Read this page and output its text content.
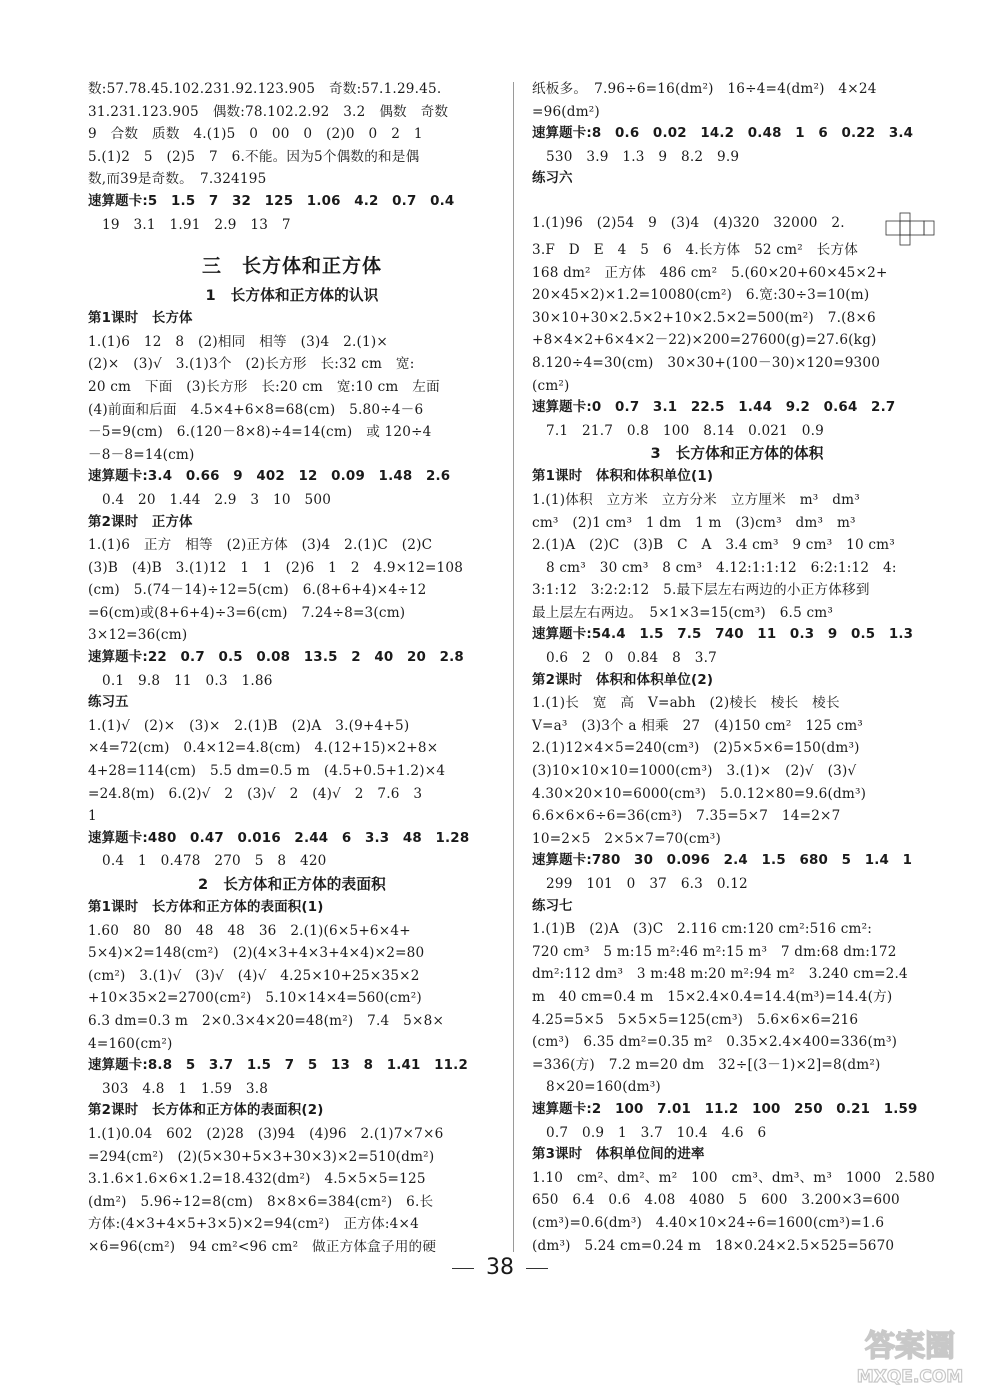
数:57.78.45.102.231.92.123.905　奇数:57.1.29.45.
31.231.123.905　偶数:78.102.2.92　3.2　偶数　奇数
9　合数　质数　4.(1)5　0　00　0　(2)0　0　2　1
5.(1)2　5　(2)5　7　6.不能。因为5个偶数的和是偶
数,而39是奇数。　7.324195
速算题卡:5　1.5　7　32　125　1.06　4.2　0.7　0.4
19　3.1　1.91　2.9　13　7
三　长方体和正方体
1　长方体和正方体的认识
第1课时　长方体
1.(1)6　12　8　(2)相同　相等　(3)4　2.(1)×
(2)×　(3)√　3.(1)3个　(2)长方形　长:32 cm　宽:
20 cm　下面　(3)长方形　长:20 cm　宽:10 cm　左面
(4)前面和后面　4.5×4+6×8=68(cm)　5.80÷4－6
－5=9(cm)　6.(120－8×8)÷4=14(cm)　或 120÷4
－8－8=14(cm)
速算题卡:3.4　0.66　9　402　12　0.09　1.48　2.6
0.4　20　1.44　2.9　3　10　500
第2课时　正方体
1.(1)6　正方　相等　(2)正方体　(3)4　2.(1)C　(2)C
(3)B　(4)B　3.(1)12　1　1　(2)6　1　2　4.9×12=108
(cm)　5.(74－14)÷12=5(cm)　6.(8+6+4)×4÷12
=6(cm)或(8+6+4)÷3=6(cm)　7.24÷8=3(cm)
3×12=36(cm)
速算题卡:22　0.7　0.5　0.08　13.5　2　40　20　2.8
0.1　9.8　11　0.3　1.86
练习五
1.(1)√　(2)×　(3)×　2.(1)B　(2)A　3.(9+4+5)
×4=72(cm)　0.4×12=4.8(cm)　4.(12+15)×2+8×
4+28=114(cm)　5.5 dm=0.5 m　(4.5+0.5+1.2)×4
=24.8(m)　6.(2)√　2　(3)√　2　(4)√　2　7.6　3
1
速算题卡:480　0.47　0.016　2.44　6　3.3　48　1.28
0.4　1　0.478　270　5　8　420
2　长方体和正方体的表面积
第1课时　长方体和正方体的表面积(1)
1.60　80　80　48　48　36　2.(1)(6×5+6×4+
5×4)×2=148(cm²)　(2)(4×3+4×3+4×4)×2=80
(cm²)　3.(1)√　(3)√　(4)√　4.25×10+25×35×2
+10×35×2=2700(cm²)　5.10×14×4=560(cm²)
6.3 dm=0.3 m　2×0.3×4×20=48(m²)　7.4　5×8×
4=160(cm²)
速算题卡:8.8　5　3.7　1.5　7　5　13　8　1.41　11.2
303　4.8　1　1.59　3.8
第2课时　长方体和正方体的表面积(2)
1.(1)0.04　602　(2)28　(3)94　(4)96　2.(1)7×7×6
=294(cm²)　(2)(5×30+5×3+30×3)×2=510(dm²)
3.1.6×1.6×6×1.2=18.432(dm²)　4.5×5×5=125
(dm²)　5.96÷12=8(cm)　8×8×6=384(cm²)　6.长
方体:(4×3+4×5+3×5)×2=94(cm²)　正方体:4×4
×6=96(cm²)　94 cm²<96 cm²　做正方体盒子用的硬
纸板多。　7.96÷6=16(dm²)　16÷4=4(dm²)　4×24
=96(dm²)
速算题卡:8　0.6　0.02　14.2　0.48　1　6　0.22　3.4
530　3.9　1.3　9　8.2　9.9
练习六
1.(1)96　(2)54　9　(3)4　(4)320　32000　2.
3.F　D　E　4　5　6　4.长方体　52 cm²　长方体
168 dm²　正方体　486 cm²　5.(60×20+60×45×2+
20×45×2)×1.2=10080(cm²)　6.宽:30÷3=10(m)
30×10+30×2.5×2+10×2.5×2=500(m²)　7.(8×6
+8×4×2+6×4×2－22)×200=27600(g)=27.6(kg)
8.120÷4=30(cm)　30×30+(100－30)×120=9300
(cm²)
速算题卡:0　0.7　3.1　22.5　1.44　9.2　0.64　2.7
7.1　21.7　0.8　100　8.14　0.021　0.9
3　长方体和正方体的体积
第1课时　体积和体积单位(1)
1.(1)体积　立方米　立方分米　立方厘米　m³　dm³
cm³　(2)1 cm³　1 dm　1 m　(3)cm³　dm³　m³
2.(1)A　(2)C　(3)B　C　A　3.4 cm³　9 cm³　10 cm³
8 cm³　30 cm³　8 cm³　4.12:1:1:12　6:2:1:12　4:
3:1:12　3:2:2:12　5.最下层左右两边的小正方体移到
最上层左右两边。　5×1×3=15(cm³)　6.5 cm³
速算题卡:54.4　1.5　7.5　740　11　0.3　9　0.5　1.3
0.6　2　0　0.84　8　3.7
第2课时　体积和体积单位(2)
1.(1)长　宽　高　V=abh　(2)棱长　棱长　棱长
V=a³　(3)3个 a 相乘　27　(4)150 cm²　125 cm³
2.(1)12×4×5=240(cm³)　(2)5×5×6=150(dm³)
(3)10×10×10=1000(cm³)　3.(1)×　(2)√　(3)√
4.30×20×10=6000(cm³)　5.0.12×80=9.6(dm³)
6.6×6×6÷6=36(cm³)　7.35=5×7　14=2×7
10=2×5　2×5×7=70(cm³)
速算题卡:780　30　0.096　2.4　1.5　680　5　1.4　1
299　101　0　37　6.3　0.12
练习七
1.(1)B　(2)A　(3)C　2.116 cm:120 cm²:516 cm²:
720 cm³　5 m:15 m²:46 m²:15 m³　7 dm:68 dm:172
dm²:112 dm³　3 m:48 m:20 m²:94 m²　3.240 cm=2.4
m　40 cm=0.4 m　15×2.4×0.4=14.4(m³)=14.4(方)
4.25=5×5　5×5×5=125(cm³)　5.6×6×6=216
(cm³)　6.35 dm²=0.35 m²　0.35×2.4×400=336(m³)
=336(方)　7.2 m=20 dm　32÷[(3－1)×2]=8(dm²)
8×20=160(dm³)
速算题卡:2　100　7.01　11.2　100　250　0.21　1.59
0.7　0.9　1　3.7　10.4　4.6　6
第3课时　体积单位间的进率
1.10　cm²、dm²、m²　100　cm³、dm³、m³　1000　2.580
650　6.4　0.6　4.08　4080　5　600　3.200×3=600
(cm³)=0.6(dm³)　4.40×10×24÷6=1600(cm³)=1.6
(dm³)　5.24 cm=0.24 m　18×0.24×2.5×525=5670
38
答案圈
MXQE.COM
